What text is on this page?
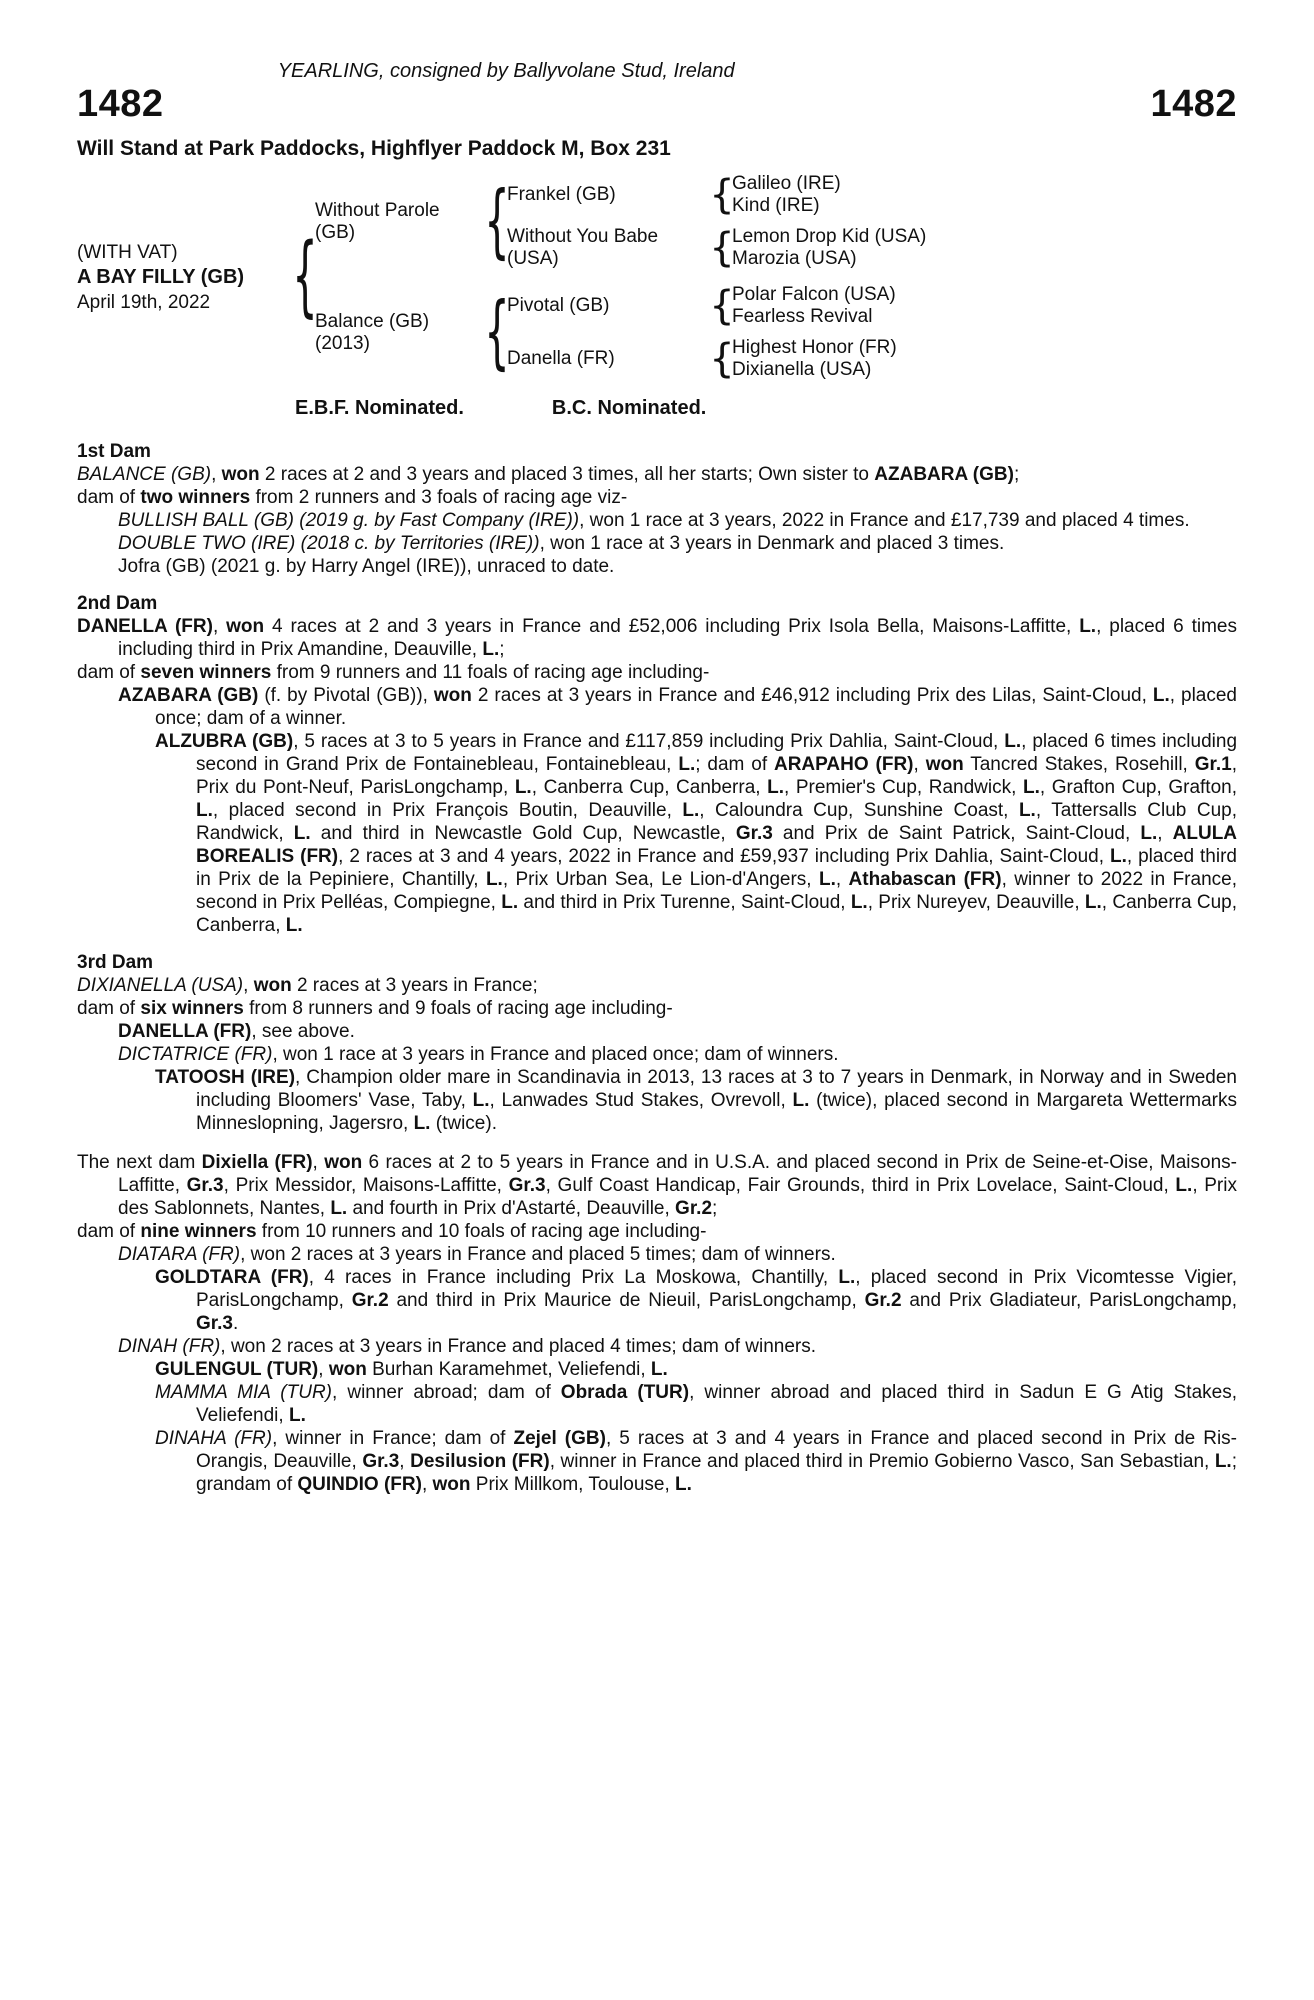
YEARLING, consigned by Ballyvolane Stud, Ireland
1482	1482
Will Stand at Park Paddocks, Highflyer Paddock M, Box 231
(WITH VAT)
A BAY FILLY (GB)
April 19th, 2022	{
Without Parole
(GB)	{
Frankel (GB)	{
Galileo (IRE)
Kind (IRE)
Without You Babe
(USA)	{
Lemon Drop Kid (USA)
Marozia (USA)
Balance (GB)
(2013)	{
Pivotal (GB)	{
Polar Falcon (USA)
Fearless Revival
Danella (FR)	{
Highest Honor (FR)
Dixianella (USA)
E.B.F. Nominated.	B.C. Nominated.
1st Dam

BALANCE (GB), won 2 races at 2 and 3 years and placed 3 times, all her starts; Own sister to AZABARA (GB);

dam of two winners from 2 runners and 3 foals of racing age viz-

BULLISH BALL (GB) (2019 g. by Fast Company (IRE)), won 1 race at 3 years, 2022 in France and £17,739 and placed 4 times.

DOUBLE TWO (IRE) (2018 c. by Territories (IRE)), won 1 race at 3 years in Denmark and placed 3 times.

Jofra (GB) (2021 g. by Harry Angel (IRE)), unraced to date.

2nd Dam

DANELLA (FR), won 4 races at 2 and 3 years in France and £52,006 including Prix Isola Bella, Maisons-Laffitte, L., placed 6 times including third in Prix Amandine, Deauville, L.;

dam of seven winners from 9 runners and 11 foals of racing age including-

AZABARA (GB) (f. by Pivotal (GB)), won 2 races at 3 years in France and £46,912 including Prix des Lilas, Saint-Cloud, L., placed once; dam of a winner.

ALZUBRA (GB), 5 races at 3 to 5 years in France and £117,859 including Prix Dahlia, Saint-Cloud, L., placed 6 times including second in Grand Prix de Fontainebleau, Fontainebleau, L.; dam of ARAPAHO (FR), won Tancred Stakes, Rosehill, Gr.1, Prix du Pont-Neuf, ParisLongchamp, L., Canberra Cup, Canberra, L., Premier's Cup, Randwick, L., Grafton Cup, Grafton, L., placed second in Prix François Boutin, Deauville, L., Caloundra Cup, Sunshine Coast, L., Tattersalls Club Cup, Randwick, L. and third in Newcastle Gold Cup, Newcastle, Gr.3 and Prix de Saint Patrick, Saint-Cloud, L., ALULA BOREALIS (FR), 2 races at 3 and 4 years, 2022 in France and £59,937 including Prix Dahlia, Saint-Cloud, L., placed third in Prix de la Pepiniere, Chantilly, L., Prix Urban Sea, Le Lion-d'Angers, L., Athabascan (FR), winner to 2022 in France, second in Prix Pelléas, Compiegne, L. and third in Prix Turenne, Saint-Cloud, L., Prix Nureyev, Deauville, L., Canberra Cup, Canberra, L.

3rd Dam

DIXIANELLA (USA), won 2 races at 3 years in France;

dam of six winners from 8 runners and 9 foals of racing age including-

DANELLA (FR), see above.

DICTATRICE (FR), won 1 race at 3 years in France and placed once; dam of winners.

TATOOSH (IRE), Champion older mare in Scandinavia in 2013, 13 races at 3 to 7 years in Denmark, in Norway and in Sweden including Bloomers' Vase, Taby, L., Lanwades Stud Stakes, Ovrevoll, L. (twice), placed second in Margareta Wettermarks Minneslopning, Jagersro, L. (twice).

The next dam Dixiella (FR), won 6 races at 2 to 5 years in France and in U.S.A. and placed second in Prix de Seine-et-Oise, Maisons-Laffitte, Gr.3, Prix Messidor, Maisons-Laffitte, Gr.3, Gulf Coast Handicap, Fair Grounds, third in Prix Lovelace, Saint-Cloud, L., Prix des Sablonnets, Nantes, L. and fourth in Prix d'Astarté, Deauville, Gr.2;

dam of nine winners from 10 runners and 10 foals of racing age including-

DIATARA (FR), won 2 races at 3 years in France and placed 5 times; dam of winners.

GOLDTARA (FR), 4 races in France including Prix La Moskowa, Chantilly, L., placed second in Prix Vicomtesse Vigier, ParisLongchamp, Gr.2 and third in Prix Maurice de Nieuil, ParisLongchamp, Gr.2 and Prix Gladiateur, ParisLongchamp, Gr.3.

DINAH (FR), won 2 races at 3 years in France and placed 4 times; dam of winners.

GULENGUL (TUR), won Burhan Karamehmet, Veliefendi, L.

MAMMA MIA (TUR), winner abroad; dam of Obrada (TUR), winner abroad and placed third in Sadun E G Atig Stakes, Veliefendi, L.

DINAHA (FR), winner in France; dam of Zejel (GB), 5 races at 3 and 4 years in France and placed second in Prix de Ris-Orangis, Deauville, Gr.3, Desilusion (FR), winner in France and placed third in Premio Gobierno Vasco, San Sebastian, L.; grandam of QUINDIO (FR), won Prix Millkom, Toulouse, L.
